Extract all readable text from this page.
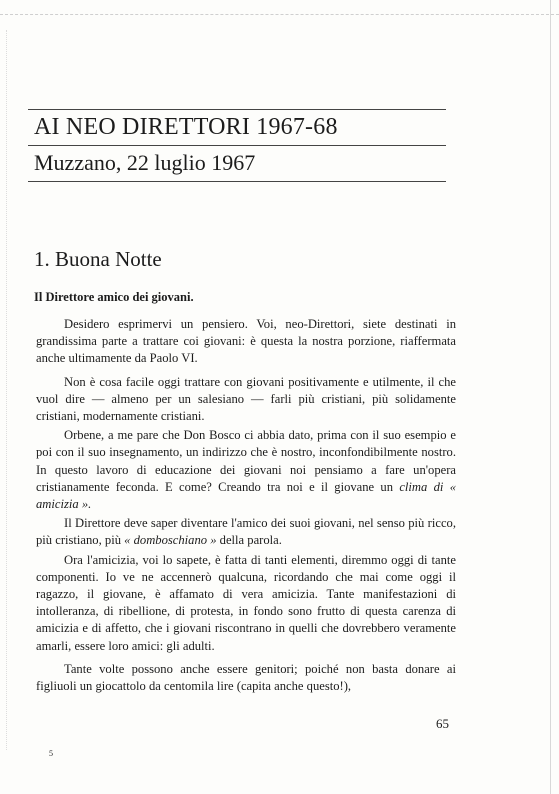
AI NEO DIRETTORI 1967-68
Muzzano, 22 luglio 1967
1. Buona Notte
Il Direttore amico dei giovani.

Desidero esprimervi un pensiero. Voi, neo-Direttori, siete destinati in grandissima parte a trattare coi giovani: è questa la nostra porzione, riaffermata anche ultimamente da Paolo VI.

Non è cosa facile oggi trattare con giovani positivamente e utilmente, il che vuol dire — almeno per un salesiano — farli più cristiani, più solidamente cristiani, modernamente cristiani.

Orbene, a me pare che Don Bosco ci abbia dato, prima con il suo esempio e poi con il suo insegnamento, un indirizzo che è nostro, inconfondibilmente nostro. In questo lavoro di educazione dei giovani noi pensiamo a fare un'opera cristianamente feconda. E come? Creando tra noi e il giovane un clima di « amicizia ».

Il Direttore deve saper diventare l'amico dei suoi giovani, nel senso più ricco, più cristiano, più « domboschiano » della parola.

Ora l'amicizia, voi lo sapete, è fatta di tanti elementi, diremmo oggi di tante componenti. Io ve ne accennerò qualcuna, ricordando che mai come oggi il ragazzo, il giovane, è affamato di vera amicizia. Tante manifestazioni di intolleranza, di ribellione, di protesta, in fondo sono frutto di questa carenza di amicizia e di affetto, che i giovani riscontrano in quelli che dovrebbero veramente amarli, essere loro amici: gli adulti.

Tante volte possono anche essere genitori; poiché non basta donare ai figliuoli un giocattolo da centomila lire (capita anche questo!),

65
5
